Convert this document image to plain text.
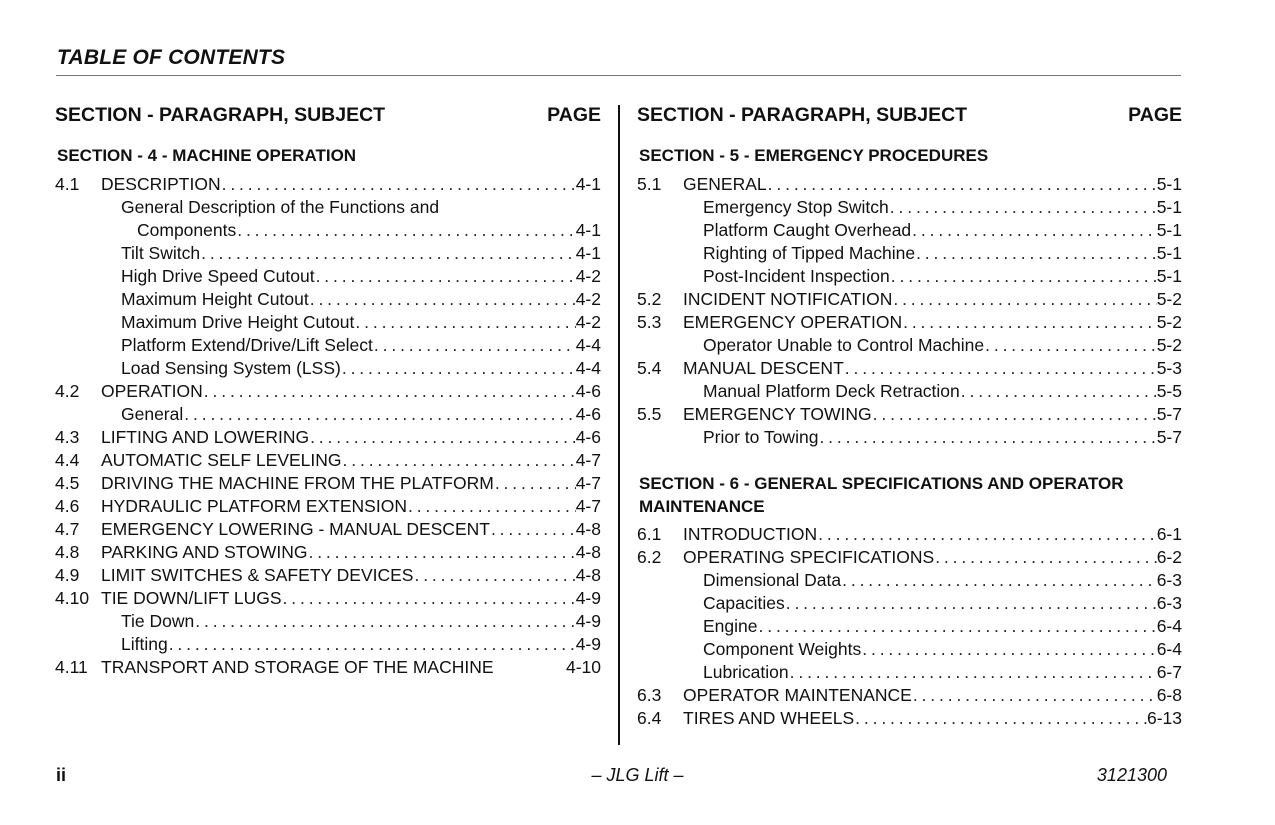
TABLE OF CONTENTS
SECTION - PARAGRAPH, SUBJECT	PAGE
SECTION - 4 - MACHINE OPERATION
4.1	DESCRIPTION . . .	4-1
General Description of the Functions and
Components . . .	4-1
Tilt Switch . . .	4-1
High Drive Speed Cutout . . .	4-2
Maximum Height Cutout . . .	4-2
Maximum Drive Height Cutout . . .	4-2
Platform Extend/Drive/Lift Select . . .	4-4
Load Sensing System (LSS) . . .	4-4
4.2	OPERATION . . .	4-6
General . . .	4-6
4.3	LIFTING AND LOWERING . . .	4-6
4.4	AUTOMATIC SELF LEVELING . . .	4-7
4.5	DRIVING THE MACHINE FROM THE PLATFORM . . .	4-7
4.6	HYDRAULIC PLATFORM EXTENSION . . .	4-7
4.7	EMERGENCY LOWERING - MANUAL DESCENT . . .	4-8
4.8	PARKING AND STOWING . . .	4-8
4.9	LIMIT SWITCHES & SAFETY DEVICES . . .	4-8
4.10 TIE DOWN/LIFT LUGS . . .	4-9
Tie Down . . .	4-9
Lifting . . .	4-9
4.11 TRANSPORT AND STORAGE OF THE MACHINE	4-10
SECTION - PARAGRAPH, SUBJECT	PAGE
SECTION - 5 - EMERGENCY PROCEDURES
5.1	GENERAL . . .	5-1
Emergency Stop Switch . . .	5-1
Platform Caught Overhead . . .	5-1
Righting of Tipped Machine . . .	5-1
Post-Incident Inspection . . .	5-1
5.2	INCIDENT NOTIFICATION . . .	5-2
5.3	EMERGENCY OPERATION . . .	5-2
Operator Unable to Control Machine . . .	5-2
5.4	MANUAL DESCENT . . .	5-3
Manual Platform Deck Retraction . . .	5-5
5.5	EMERGENCY TOWING . . .	5-7
Prior to Towing . . .	5-7
SECTION - 6 - GENERAL SPECIFICATIONS AND OPERATOR
MAINTENANCE
6.1	INTRODUCTION . . .	6-1
6.2	OPERATING SPECIFICATIONS . . .	6-2
Dimensional Data . . .	6-3
Capacities . . .	6-3
Engine . . .	6-4
Component Weights . . .	6-4
Lubrication . . .	6-7
6.3	OPERATOR MAINTENANCE . . .	6-8
6.4	TIRES AND WHEELS . . .	6-13
ii	– JLG Lift –	3121300
